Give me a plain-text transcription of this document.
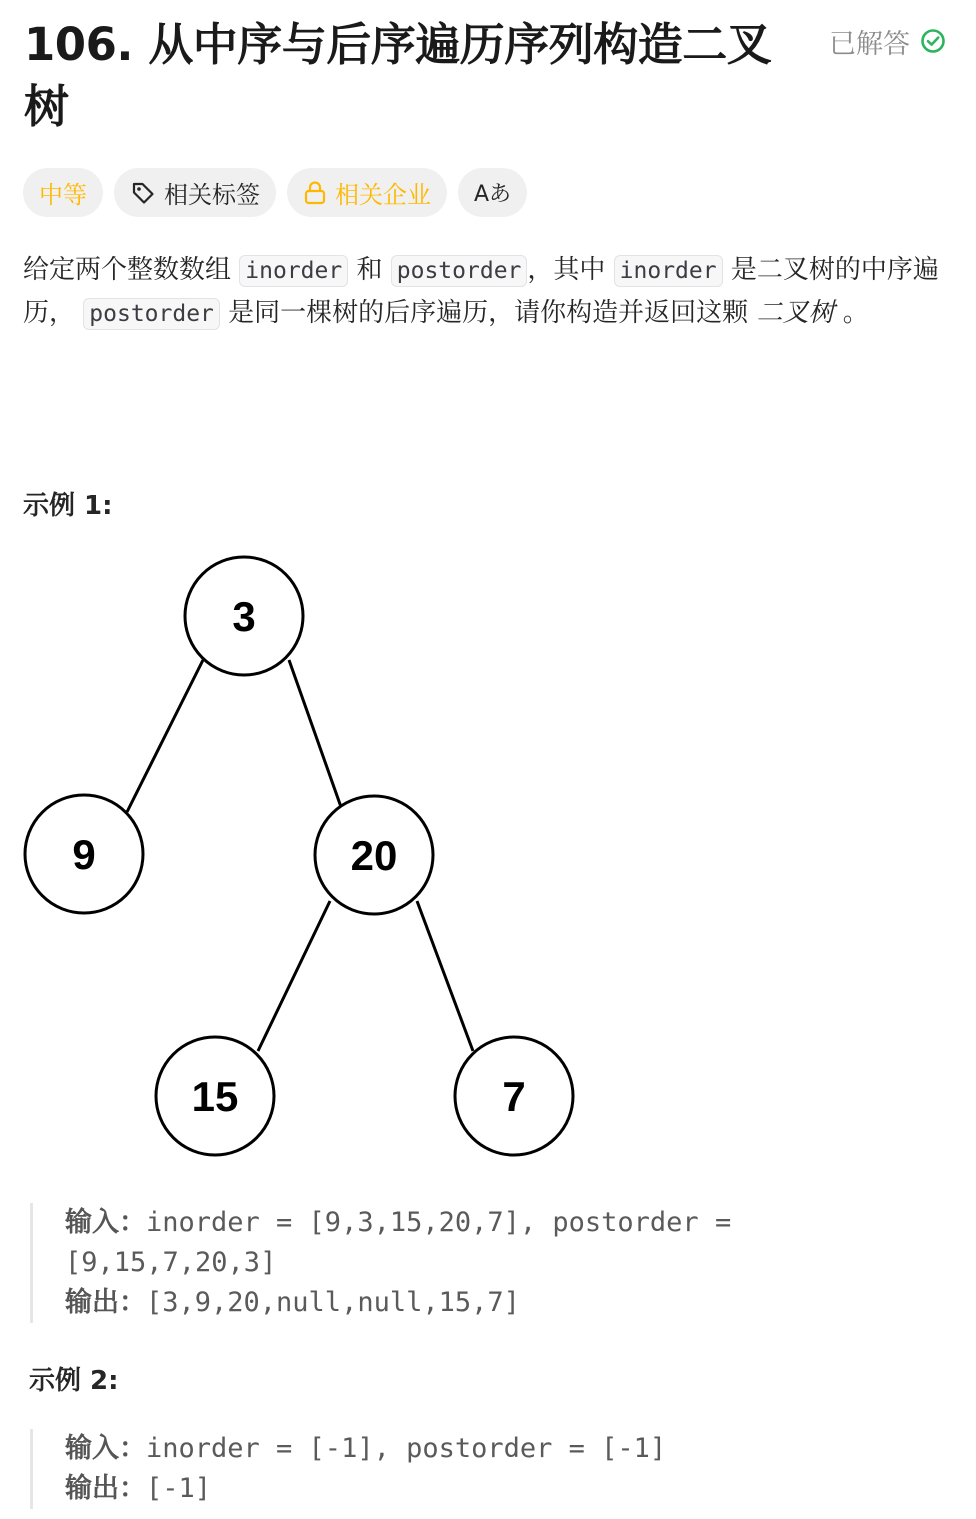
106. 从中序与后序遍历序列构造二叉树
已解答
中等	相关标签	相关企业	Aあ
给定两个整数数组 inorder 和 postorder ，其中 inorder 是二叉树的中序遍历， postorder 是同一棵树的后序遍历，请你构造并返回这颗 二叉树 。
示例 1:
3
9	20
15	7
输入：inorder = [9,3,15,20,7], postorder =
[9,15,7,20,3]
输出：[3,9,20,null,null,15,7]
示例 2:
输入：inorder = [-1], postorder = [-1]
输出：[-1]
